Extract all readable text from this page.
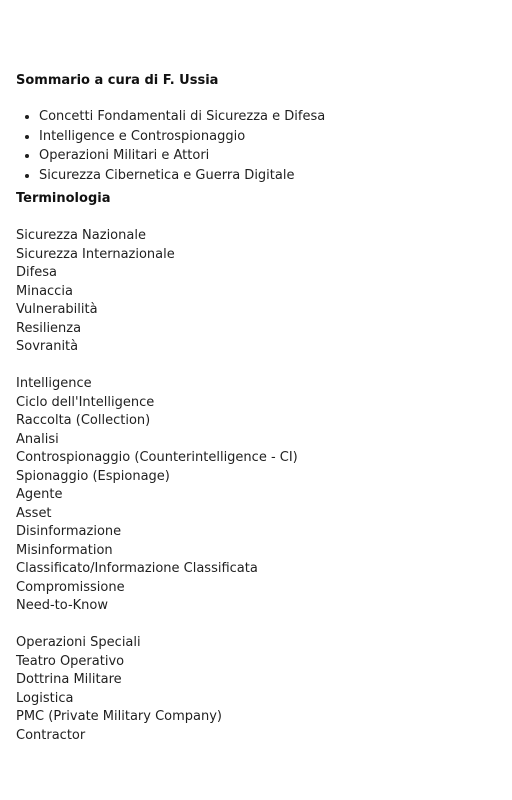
Sommario a cura di F. Ussia
• Concetti Fondamentali di Sicurezza e Difesa
• Intelligence e Controspionaggio
• Operazioni Militari e Attori
• Sicurezza Cibernetica e Guerra Digitale
Terminologia
Sicurezza Nazionale
Sicurezza Internazionale
Difesa
Minaccia
Vulnerabilità
Resilienza
Sovranità
Intelligence
Ciclo dell'Intelligence
Raccolta (Collection)
Analisi
Controspionaggio (Counterintelligence - CI)
Spionaggio (Espionage)
Agente
Asset
Disinformazione
Misinformation
Classificato/Informazione Classificata
Compromissione
Need-to-Know
Operazioni Speciali
Teatro Operativo
Dottrina Militare
Logistica
PMC (Private Military Company)
Contractor
